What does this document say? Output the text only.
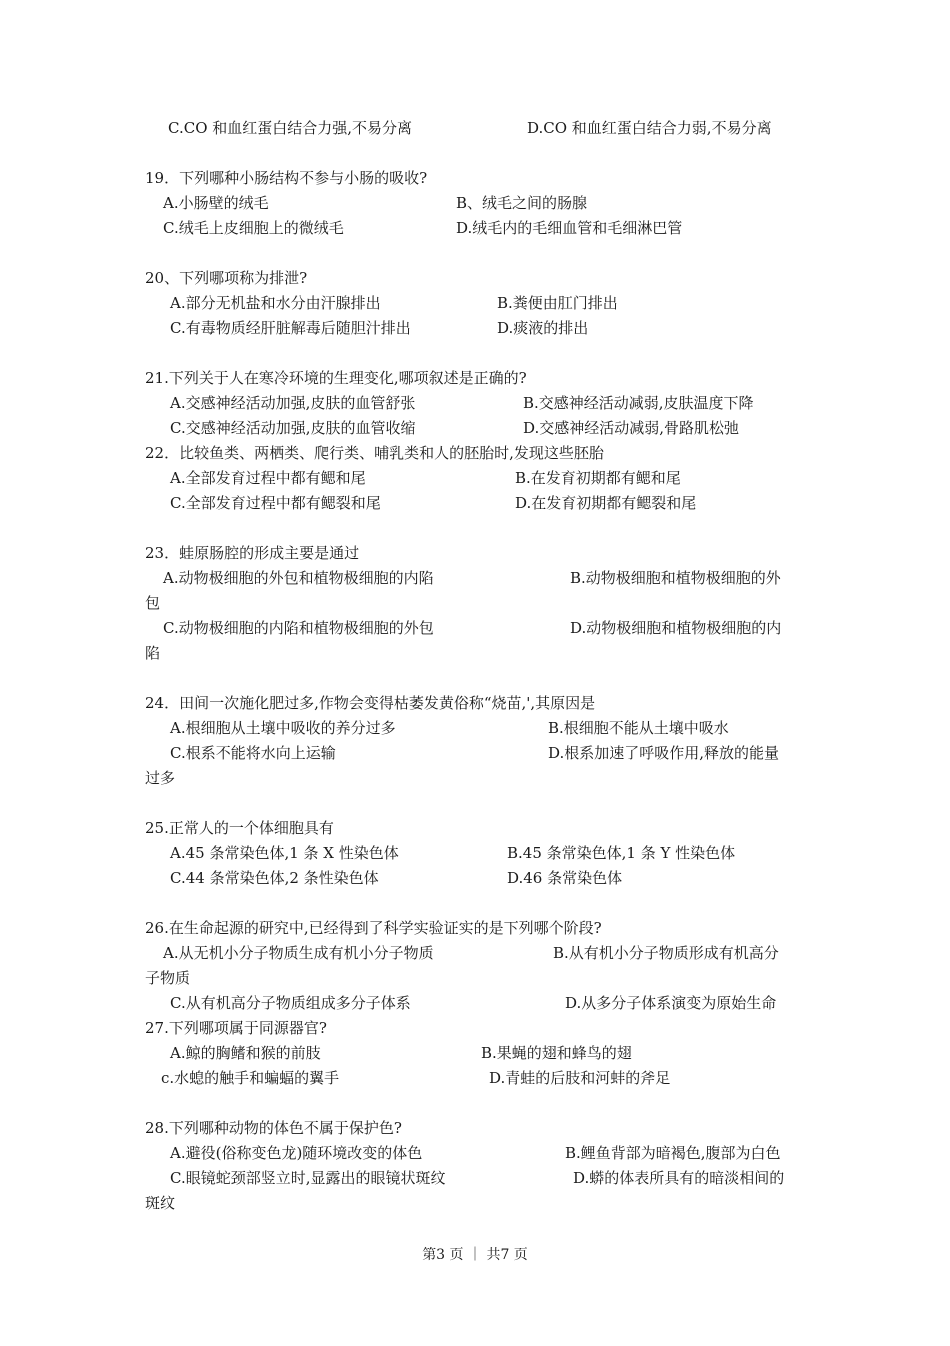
C.CO 和血红蛋白结合力强,不易分离	D.CO 和血红蛋白结合力弱,不易分离
19．下列哪种小肠结构不参与小肠的吸收?
A.小肠壁的绒毛	B、绒毛之间的肠腺
C.绒毛上皮细胞上的微绒毛	D.绒毛内的毛细血管和毛细淋巴管
20、下列哪项称为排泄?
A.部分无机盐和水分由汗腺排出	B.粪便由肛门排出
C.有毒物质经肝脏解毒后随胆汁排出	D.痰液的排出
21.下列关于人在寒冷环境的生理变化,哪项叙述是正确的?
A.交感神经活动加强,皮肤的血管舒张	B.交感神经活动减弱,皮肤温度下降
C.交感神经活动加强,皮肤的血管收缩	D.交感神经活动减弱,骨路肌松弛
22．比较鱼类、两栖类、爬行类、哺乳类和人的胚胎时,发现这些胚胎
A.全部发育过程中都有鳃和尾	B.在发育初期都有鳃和尾
C.全部发育过程中都有鳃裂和尾	D.在发育初期都有鳃裂和尾
23．蛙原肠腔的形成主要是通过
A.动物极细胞的外包和植物极细胞的内陷	B.动物极细胞和植物极细胞的外
包
C.动物极细胞的内陷和植物极细胞的外包	D.动物极细胞和植物极细胞的内
陷
24．田间一次施化肥过多,作物会变得枯萎发黄俗称“烧苗,',其原因是
A.根细胞从土壤中吸收的养分过多	B.根细胞不能从土壤中吸水
C.根系不能将水向上运输	D.根系加速了呼吸作用,释放的能量
过多
25.正常人的一个体细胞具有
A.45 条常染色体,1 条 X 性染色体	B.45 条常染色体,1 条 Y 性染色体
C.44 条常染色体,2 条性染色体	D.46 条常染色体
26.在生命起源的研究中,已经得到了科学实验证实的是下列哪个阶段?
A.从无机小分子物质生成有机小分子物质	B.从有机小分子物质形成有机高分
子物质
C.从有机高分子物质组成多分子体系	D.从多分子体系演变为原始生命
27.下列哪项属于同源器官?
A.鲸的胸鳍和猴的前肢	B.果蝇的翅和蜂鸟的翅
c.水螅的触手和蝙蝠的翼手	D.青蛙的后肢和河蚌的斧足
28.下列哪种动物的体色不属于保护色?
A.避役(俗称变色龙)随环境改变的体色	B.鲤鱼背部为暗褐色,腹部为白色
C.眼镜蛇颈部竖立时,显露出的眼镜状斑纹	D.蟒的体表所具有的暗淡相间的
斑纹
第3 页 ｜ 共7 页
